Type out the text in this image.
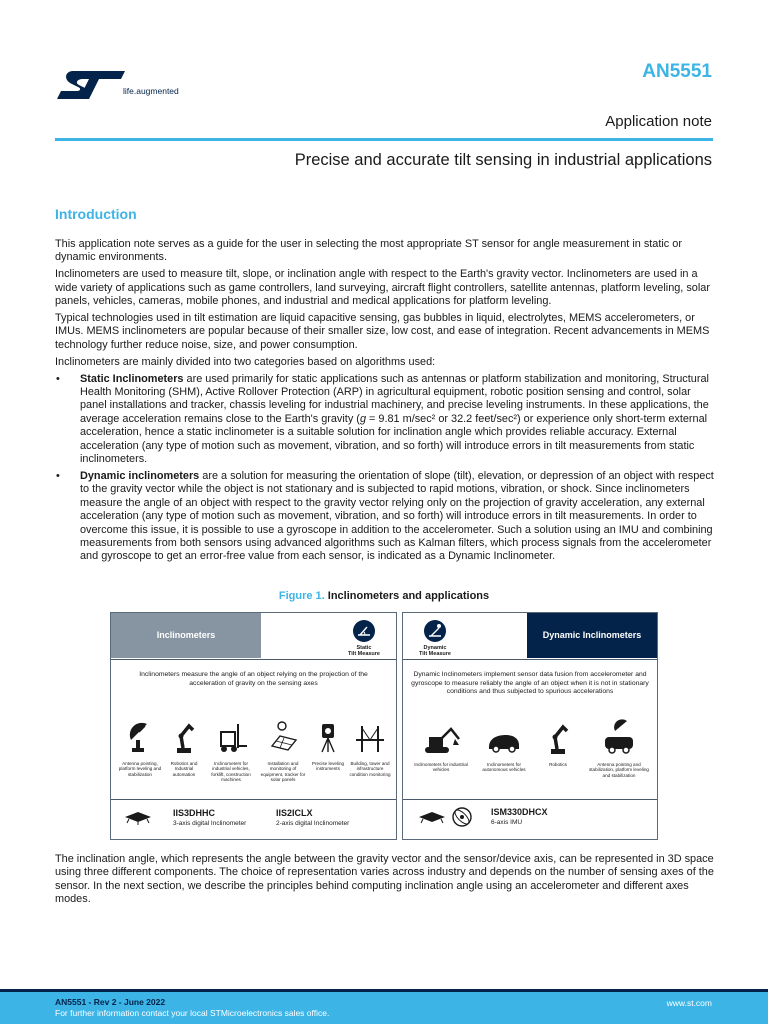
life.augmented
AN5551
Application note
Precise and accurate tilt sensing in industrial applications
Introduction

This application note serves as a guide for the user in selecting the most appropriate ST sensor for angle measurement in static or dynamic environments.

Inclinometers are used to measure tilt, slope, or inclination angle with respect to the Earth's gravity vector. Inclinometers are used in a wide variety of applications such as game controllers, land surveying, aircraft flight controllers, satellite antennas, platform leveling, solar panels, vehicles, cameras, mobile phones, and industrial and medical applications for platform leveling.

Typical technologies used in tilt estimation are liquid capacitive sensing, gas bubbles in liquid, electrolytes, MEMS accelerometers, or IMUs. MEMS inclinometers are popular because of their smaller size, low cost, and ease of integration. Recent advancements in MEMS technology further reduce noise, size, and power consumption.

Inclinometers are mainly divided into two categories based on algorithms used:

• Static Inclinometers are used primarily for static applications such as antennas or platform stabilization and monitoring, Structural Health Monitoring (SHM), Active Rollover Protection (ARP) in agricultural equipment, robotic position sensing and control, solar panel installations and tracker, chassis leveling for industrial machinery, and precise leveling instruments. In these applications, the average acceleration remains close to the Earth's gravity (g = 9.81 m/sec² or 32.2 feet/sec²) or experience only short-term external acceleration, hence a static inclinometer is a suitable solution for inclination angle which provides reliable accuracy. External acceleration (any type of motion such as movement, vibration, and so forth) will introduce errors in tilt measurements from static inclinometers.
• Dynamic inclinometers are a solution for measuring the orientation of slope (tilt), elevation, or depression of an object with respect to the gravity vector while the object is not stationary and is subjected to rapid motions, vibration, or shock. Since inclinometers measure the angle of an object with respect to the gravity vector relying only on the projection of gravity acceleration, any external acceleration (any type of motion such as movement, vibration, and so forth) will introduce errors in tilt measurements. In order to overcome this issue, it is possible to use a gyroscope in addition to the accelerometer. Such a solution using an IMU and combining measurements from both sensors using advanced algorithms such as Kalman filters, which process signals from the accelerometer and gyroscope to get an error-free value from each sensor, is indicated as a Dynamic Inclinometer.
Figure 1. Inclinometers and applications
Inclinometers
Static
Tilt Measure
Inclinometers measure the angle of an object relying on the projection of the acceleration of gravity on the sensing axes
Antenna pointing, platform leveling and stabilization
Robotics and Industrial automation
Inclinometers for industrial vehicles, forklift, construction machines
Installation and monitoring of equipment, tracker for solar panels
Precise leveling instruments
Building, tower and infrastructure condition monitoring
IIS3DHHC
3-axis digital Inclinometer
IIS2ICLX
2-axis digital Inclinometer
Dynamic
Tilt Measure
Dynamic Inclinometers
Dynamic Inclinometers implement sensor data fusion from accelerometer and gyroscope to measure reliably the angle of an object when it is not in stationary conditions and thus subjected to spurious accelerations
Inclinometers for industrial vehicles
Inclinometers for autonomous vehicles
Robotics	Antenna pointing and stabilization, platform leveling and stabilization
ISM330DHCX
6-axis IMU

The inclination angle, which represents the angle between the gravity vector and the sensor/device axis, can be represented in 3D space using three different components. The choice of representation varies across industry and depends on the number of sensing axes of the sensor. In the next section, we describe the principles behind computing inclination angle using an accelerometer and different axes modes.

AN5551 - Rev 2 - June 2022
For further information contact your local STMicroelectronics sales office.
www.st.com
